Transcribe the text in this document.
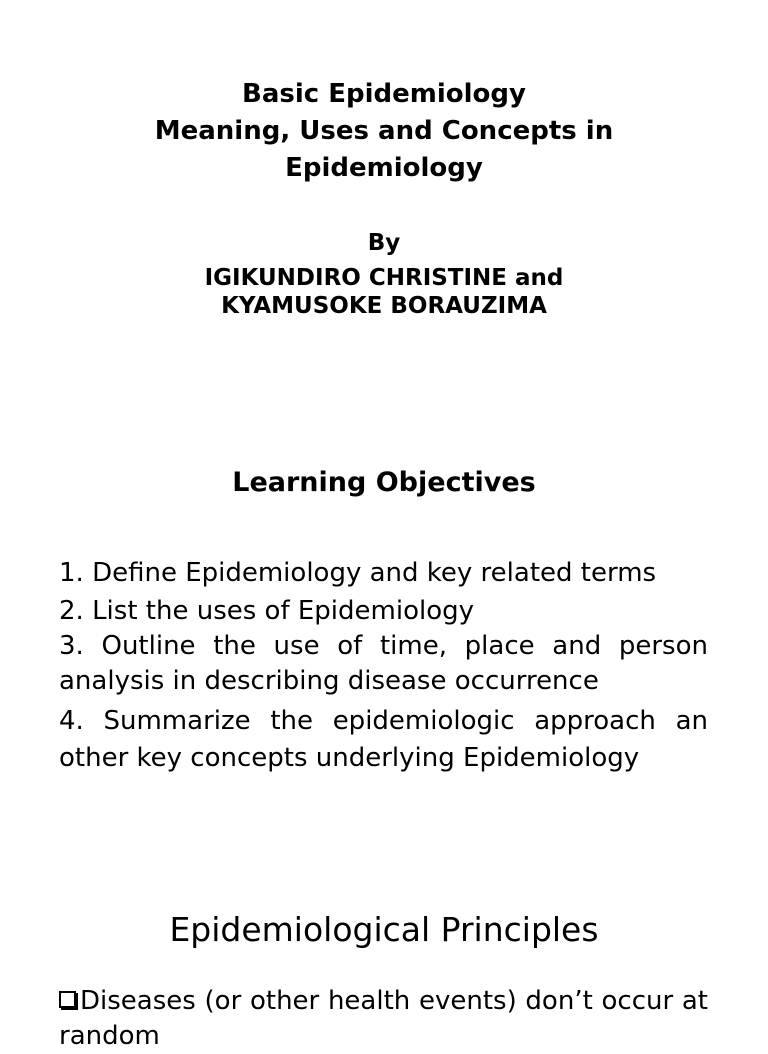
Basic Epidemiology
Meaning, Uses and Concepts in
Epidemiology
By
IGIKUNDIRO CHRISTINE and
KYAMUSOKE BORAUZIMA
Learning Objectives
1. Define Epidemiology and key related terms
2. List the uses of Epidemiology
3. Outline the use of time, place and person analysis in describing disease occurrence
4. Summarize the epidemiologic approach an other key concepts underlying Epidemiology
Epidemiological Principles
Diseases (or other health events) don’t occur at random
